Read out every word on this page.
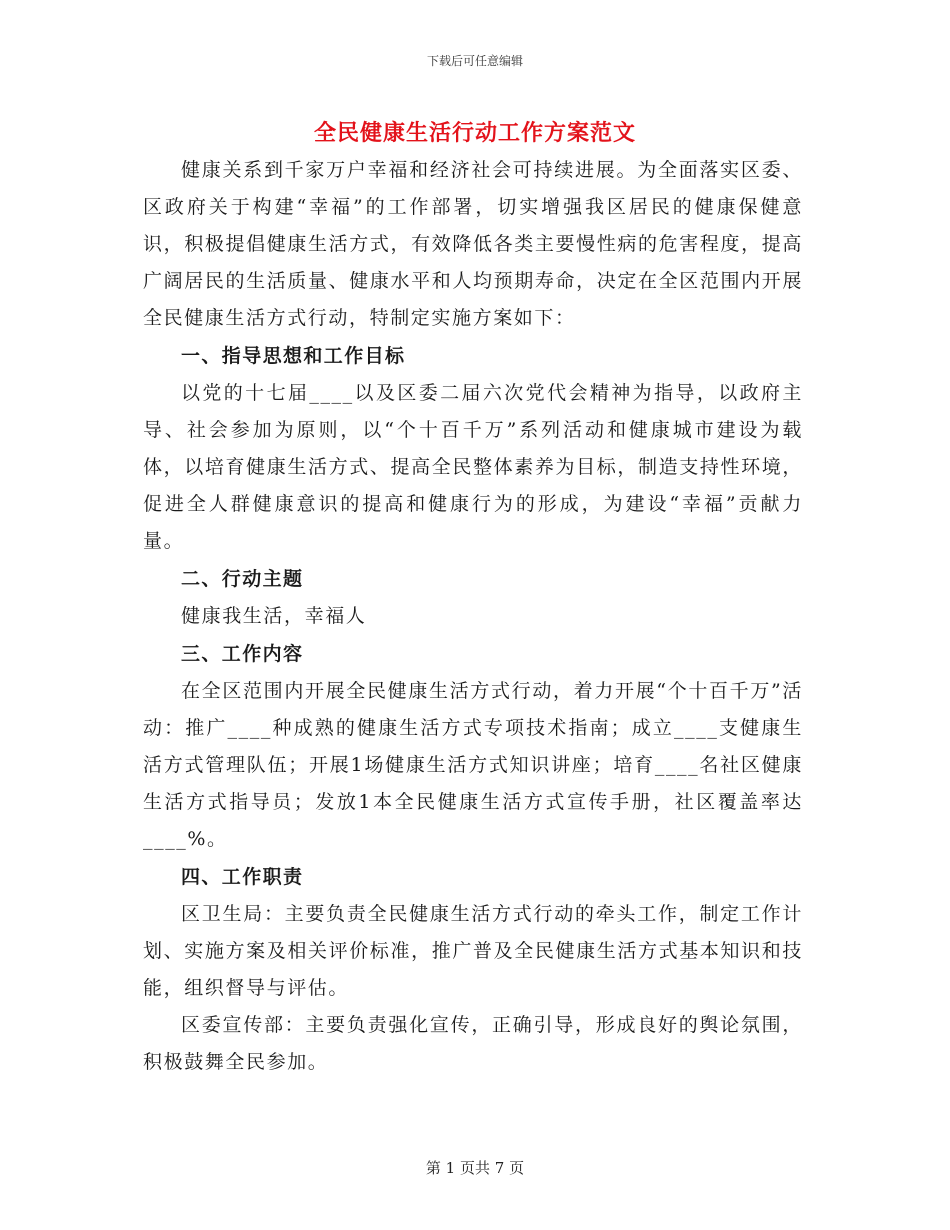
下载后可任意编辑
全民健康生活行动工作方案范文

健康关系到千家万户幸福和经济社会可持续进展。为全面落实区委、区政府关于构建“幸福”的工作部署，切实增强我区居民的健康保健意识，积极提倡健康生活方式，有效降低各类主要慢性病的危害程度，提高广阔居民的生活质量、健康水平和人均预期寿命，决定在全区范围内开展全民健康生活方式行动，特制定实施方案如下：

一、指导思想和工作目标

以党的十七届____以及区委二届六次党代会精神为指导，以政府主导、社会参加为原则，以“个十百千万”系列活动和健康城市建设为载体，以培育健康生活方式、提高全民整体素养为目标，制造支持性环境，促进全人群健康意识的提高和健康行为的形成，为建设“幸福”贡献力量。

二、行动主题

健康我生活，幸福人

三、工作内容

在全区范围内开展全民健康生活方式行动，着力开展“个十百千万”活动：推广____种成熟的健康生活方式专项技术指南；成立____支健康生活方式管理队伍；开展1场健康生活方式知识讲座；培育____名社区健康生活方式指导员；发放1本全民健康生活方式宣传手册，社区覆盖率达____%。

四、工作职责

区卫生局：主要负责全民健康生活方式行动的牵头工作，制定工作计划、实施方案及相关评价标准，推广普及全民健康生活方式基本知识和技能，组织督导与评估。

区委宣传部：主要负责强化宣传，正确引导，形成良好的舆论氛围，积极鼓舞全民参加。

第 1 页共 7 页
